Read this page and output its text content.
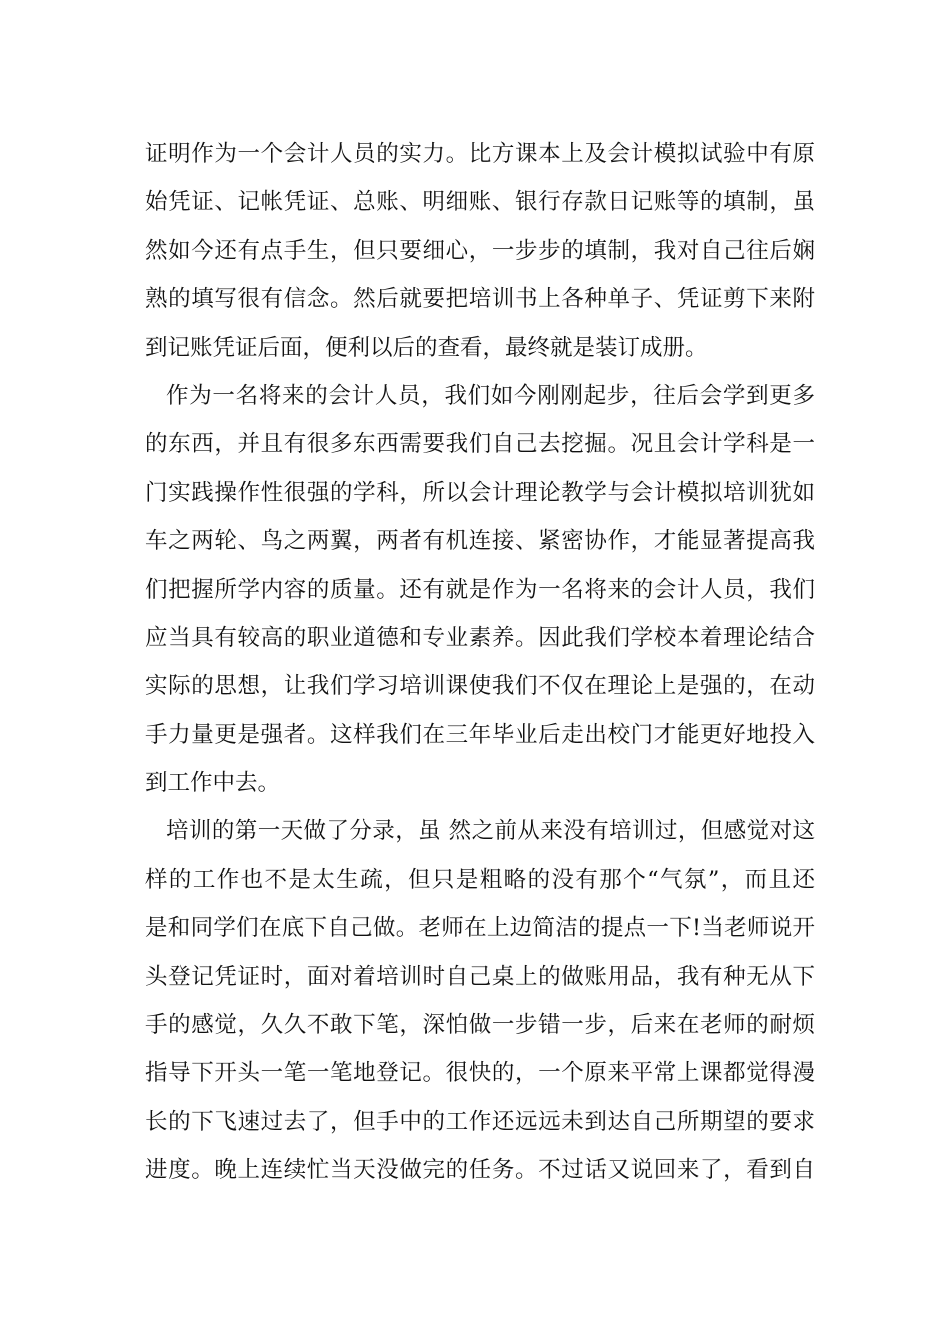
证明作为一个会计人员的实力。比方课本上及会计模拟试验中有原
始凭证、记帐凭证、总账、明细账、银行存款日记账等的填制，虽
然如今还有点手生，但只要细心，一步步的填制，我对自己往后娴
熟的填写很有信念。然后就要把培训书上各种单子、凭证剪下来附
到记账凭证后面，便利以后的查看，最终就是装订成册。
作为一名将来的会计人员，我们如今刚刚起步，往后会学到更多
的东西，并且有很多东西需要我们自己去挖掘。况且会计学科是一
门实践操作性很强的学科，所以会计理论教学与会计模拟培训犹如
车之两轮、鸟之两翼，两者有机连接、紧密协作，才能显著提高我
们把握所学内容的质量。还有就是作为一名将来的会计人员，我们
应当具有较高的职业道德和专业素养。因此我们学校本着理论结合
实际的思想，让我们学习培训课使我们不仅在理论上是强的，在动
手力量更是强者。这样我们在三年毕业后走出校门才能更好地投入
到工作中去。
培训的第一天做了分录，虽 然之前从来没有培训过，但感觉对这
样的工作也不是太生疏，但只是粗略的没有那个“气氛”，而且还
是和同学们在底下自己做。老师在上边简洁的提点一下!当老师说开
头登记凭证时，面对着培训时自己桌上的做账用品，我有种无从下
手的感觉，久久不敢下笔，深怕做一步错一步，后来在老师的耐烦
指导下开头一笔一笔地登记。很快的，一个原来平常上课都觉得漫
长的下飞速过去了，但手中的工作还远远未到达自己所期望的要求
进度。晚上连续忙当天没做完的任务。不过话又说回来了，看到自
